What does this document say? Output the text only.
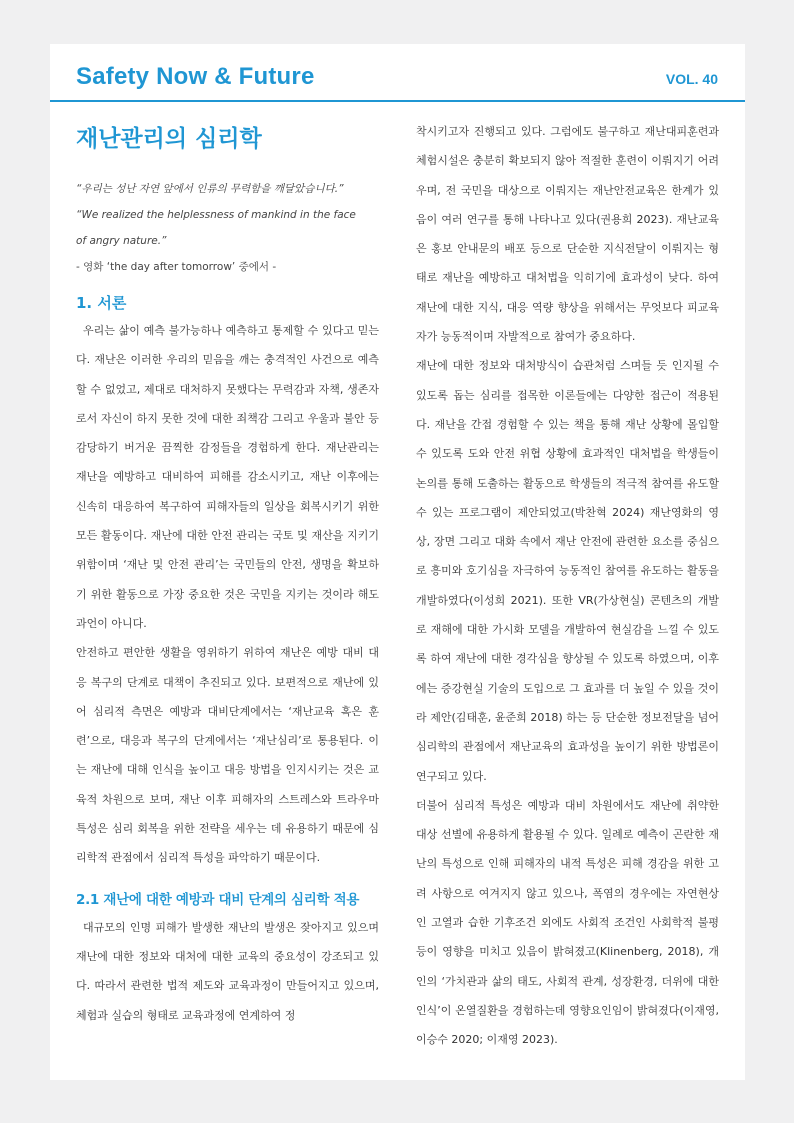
Safety Now & Future	VOL. 40
재난관리의 심리학
“우리는 성난 자연 앞에서 인류의 무력함을 깨달았습니다.”
“We realized the helplessness of mankind in the face
of angry nature.”
- 영화 ‘the day after tomorrow’ 중에서 -
1. 서론

우리는 삶이 예측 불가능하나 예측하고 통제할 수 있다고 믿는다. 재난은 이러한 우리의 믿음을 깨는 충격적인 사건으로 예측할 수 없었고, 제대로 대처하지 못했다는 무력감과 자책, 생존자로서 자신이 하지 못한 것에 대한 죄책감 그리고 우울과 불안 등 감당하기 버거운 끔찍한 감정들을 경험하게 한다. 재난관리는 재난을 예방하고 대비하여 피해를 감소시키고, 재난 이후에는 신속히 대응하여 복구하여 피해자들의 일상을 회복시키기 위한 모든 활동이다. 재난에 대한 안전 관리는 국토 및 재산을 지키기 위함이며 ‘재난 및 안전 관리’는 국민들의 안전, 생명을 확보하기 위한 활동으로 가장 중요한 것은 국민을 지키는 것이라 해도 과언이 아니다.

안전하고 편안한 생활을 영위하기 위하여 재난은 예방 대비 대응 복구의 단계로 대책이 추진되고 있다. 보편적으로 재난에 있어 심리적 측면은 예방과 대비단계에서는 ‘재난교육 혹은 훈련’으로, 대응과 복구의 단계에서는 ‘재난심리’로 통용된다. 이는 재난에 대해 인식을 높이고 대응 방법을 인지시키는 것은 교육적 차원으로 보며, 재난 이후 피해자의 스트레스와 트라우마 특성은 심리 회복을 위한 전략을 세우는 데 유용하기 때문에 심리학적 관점에서 심리적 특성을 파악하기 때문이다.

2.1 재난에 대한 예방과 대비 단계의 심리학 적용

대규모의 인명 피해가 발생한 재난의 발생은 잦아지고 있으며 재난에 대한 정보와 대처에 대한 교육의 중요성이 강조되고 있다. 따라서 관련한 법적 제도와 교육과정이 만들어지고 있으며, 체험과 실습의 형태로 교육과정에 연계하여 정

착시키고자 진행되고 있다. 그럼에도 불구하고 재난대피훈련과 체험시설은 충분히 확보되지 않아 적절한 훈련이 이뤄지기 어려우며, 전 국민을 대상으로 이뤄지는 재난안전교육은 한계가 있음이 여러 연구를 통해 나타나고 있다(권용희 2023). 재난교육은 홍보 안내문의 배포 등으로 단순한 지식전달이 이뤄지는 형태로 재난을 예방하고 대처법을 익히기에 효과성이 낮다. 하여 재난에 대한 지식, 대응 역량 향상을 위해서는 무엇보다 피교육자가 능동적이며 자발적으로 참여가 중요하다.

재난에 대한 정보와 대처방식이 습관처럼 스며들 듯 인지될 수 있도록 돕는 심리를 접목한 이론들에는 다양한 접근이 적용된다. 재난을 간접 경험할 수 있는 책을 통해 재난 상황에 몰입할 수 있도록 도와 안전 위협 상황에 효과적인 대처법을 학생들이 논의를 통해 도출하는 활동으로 학생들의 적극적 참여를 유도할 수 있는 프로그램이 제안되었고(박찬혁 2024) 재난영화의 영상, 장면 그리고 대화 속에서 재난 안전에 관련한 요소를 중심으로 흥미와 호기심을 자극하여 능동적인 참여를 유도하는 활동을 개발하였다(이성희 2021). 또한 VR(가상현실) 콘텐츠의 개발로 재해에 대한 가시화 모델을 개발하여 현실감을 느낄 수 있도록 하여 재난에 대한 경각심을 향상될 수 있도록 하였으며, 이후에는 증강현실 기술의 도입으로 그 효과를 더 높일 수 있을 것이라 제안(김태훈, 윤준희 2018) 하는 등 단순한 정보전달을 넘어 심리학의 관점에서 재난교육의 효과성을 높이기 위한 방법론이 연구되고 있다.

더불어 심리적 특성은 예방과 대비 차원에서도 재난에 취약한 대상 선별에 유용하게 활용될 수 있다. 일례로 예측이 곤란한 재난의 특성으로 인해 피해자의 내적 특성은 피해 경감을 위한 고려 사항으로 여겨지지 않고 있으나, 폭염의 경우에는 자연현상인 고열과 습한 기후조건 외에도 사회적 조건인 사회학적 불평등이 영향을 미치고 있음이 밝혀졌고(Klinenberg, 2018), 개인의 ‘가치관과 삶의 태도, 사회적 관계, 성장환경, 더위에 대한 인식’이 온열질환을 경험하는데 영향요인임이 밝혀졌다(이재영, 이승수 2020; 이재영 2023).
